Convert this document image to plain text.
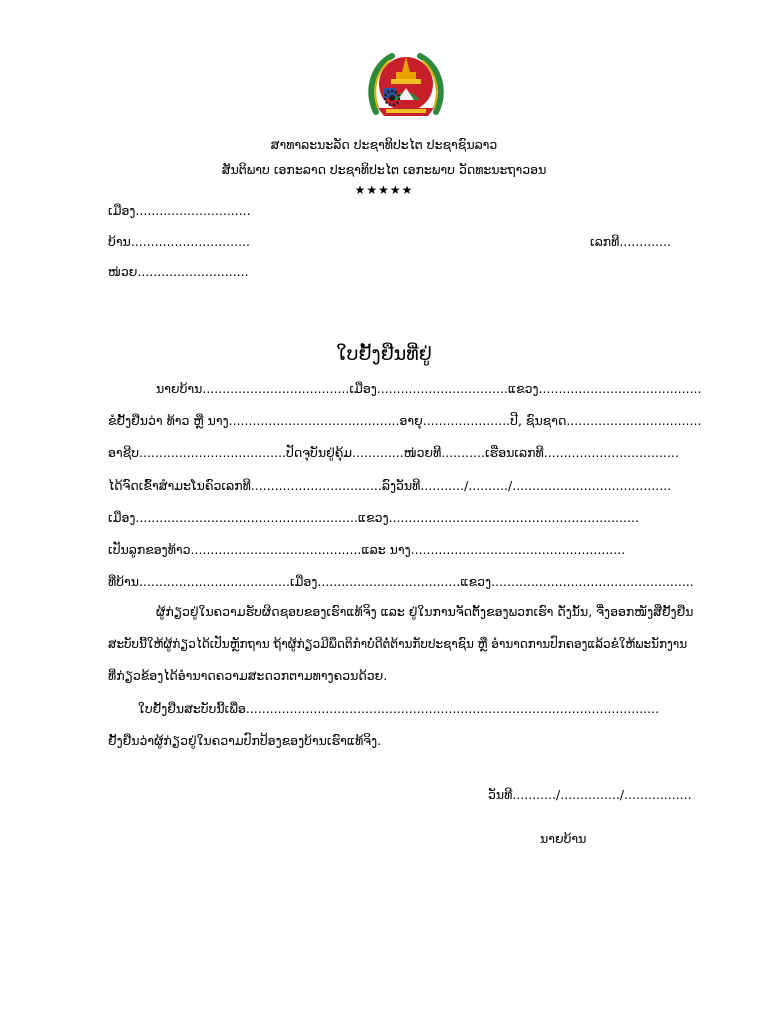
ສາທາລະນະລັດ ປະຊາທິປະໄຕ ປະຊາຊົນລາວ
ສັນຕິພາບ ເອກະລາດ ປະຊາທິປະໄຕ ເອກະພາບ ວັດທະນະຖາວອນ
★★★★★
ເມືອງ.............................
ບ້ານ..............................	ເລກທີ.............
ໜ່ວຍ............................
ໃບຢັ້ງຢືນທີ່ຢູ່
ນາຍບ້ານ.....................................ເມືອງ.................................ແຂວງ.........................................
ຂໍຢັ້ງຢືນວ່າ ທ້າວ ຫຼື ນາງ...........................................ອາຍຸ......................ປີ, ຊົນຊາດ..................................
ອາຊີບ.....................................ປັດຈຸບັນຢູ່ຄຸ້ມ.............ໜ່ວຍທີ...........ເຮືອນເລກທີ..................................
ໄດ້ຈົດເຂົ້າສຳມະໂນຄົວເລກທີ.................................ລົງວັນທີ.........../........../........................................
ເມືອງ........................................................ແຂວງ...............................................................
ເປັນລູກຂອງທ້າວ...........................................ແລະ ນາງ......................................................
ທີ່ບ້ານ......................................ເມືອງ....................................ແຂວງ...................................................
ຜູ້ກ່ຽວຢູ່ໃນຄວາມຮັບຜິດຊອບຂອງເຮົາແທ້ຈິງ ແລະ ຢູ່ໃນການຈັດຕັ້ງຂອງພວກເຮົາ ດັ່ງນັ້ນ, ຈື່ງອອກໜັງສືຢັ້ງຢືນ
ສະບັບນີ້ໃຫ້ຜູ້ກ່ຽວໄດ້ເປັນຫຼັກຖານ ຖ້າຜູ້ກ່ຽວມີພຶດຕິກຳບໍ່ດີຕໍ່ຕ້ານກັບປະຊາຊົນ ຫຼື ອຳນາດການປົກຄອງແລ້ວຂໍໃຫ້ພະນັກງານ
ທີ່ກ່ຽວຂ້ອງໄດ້ອຳນາດຄວາມສະດວກຕາມທາງຄວນດ້ວຍ.
ໃບຢັ້ງຢືນສະບັບນີ້ເພື່ອ........................................................................................................
ຢັ້ງຢືນວ່າຜູ້ກ່ຽວຢູ່ໃນຄວາມປົກປ້ອງຂອງບ້ານເຮົາແທ້ຈິງ.
ວັນທີ.........../.............../.................
ນາຍບ້ານ
